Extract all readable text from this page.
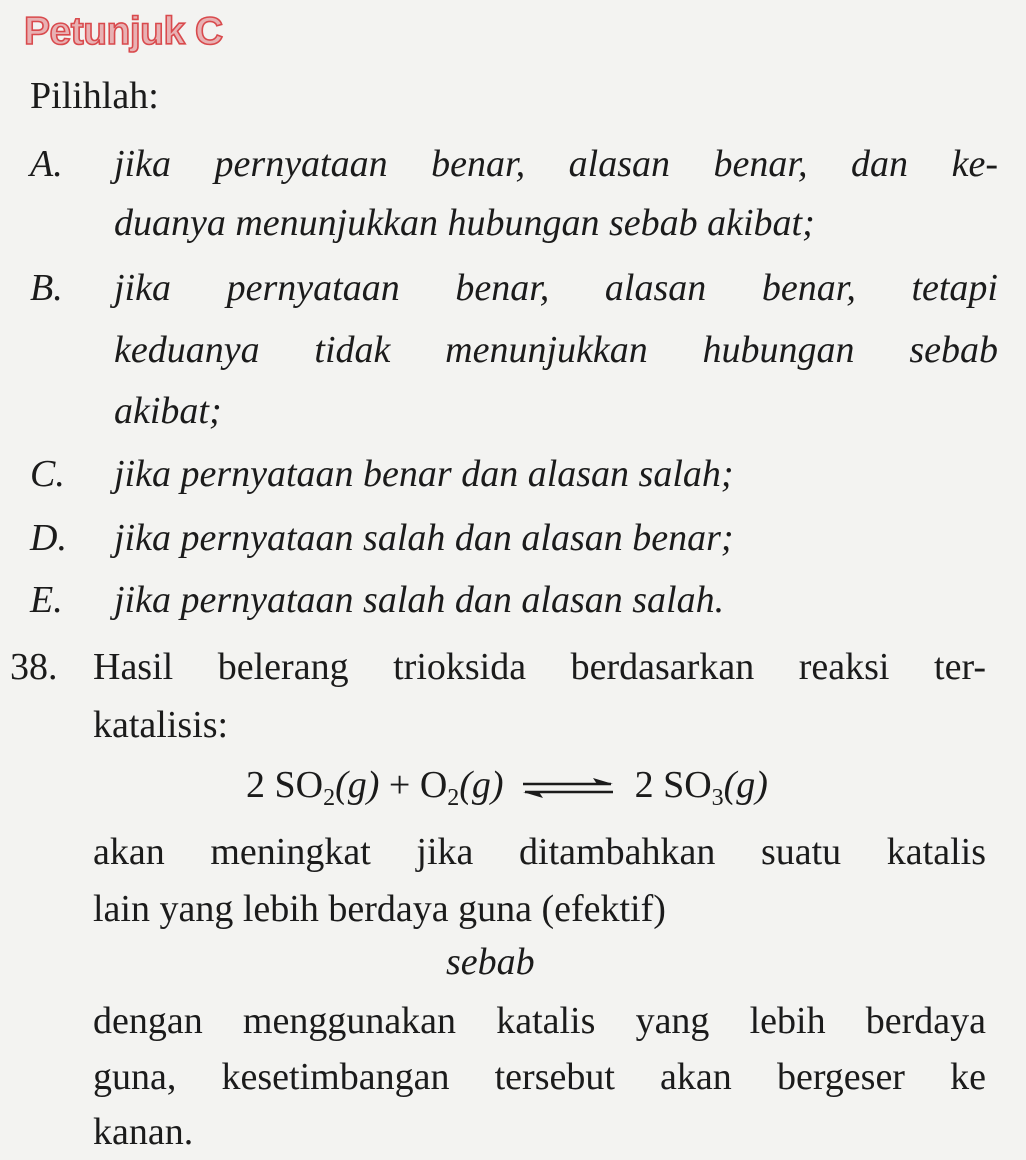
Petunjuk C
Pilihlah:
A.	jika pernyataan benar, alasan benar, dan ke-
duanya menunjukkan hubungan sebab akibat;
B.	jika pernyataan benar, alasan benar, tetapi
keduanya tidak menunjukkan hubungan sebab
akibat;
C.	jika pernyataan benar dan alasan salah;
D.	jika pernyataan salah dan alasan benar;
E.	jika pernyataan salah dan alasan salah.
38. Hasil belerang trioksida berdasarkan reaksi ter-
katalisis:
2 $SO_2(g) + O_2(g)$ ⇌ 2 $SO_3(g)$
akan meningkat jika ditambahkan suatu katalis
lain yang lebih berdaya guna (efektif)
sebab
dengan menggunakan katalis yang lebih berdaya
guna, kesetimbangan tersebut akan bergeser ke
kanan.
